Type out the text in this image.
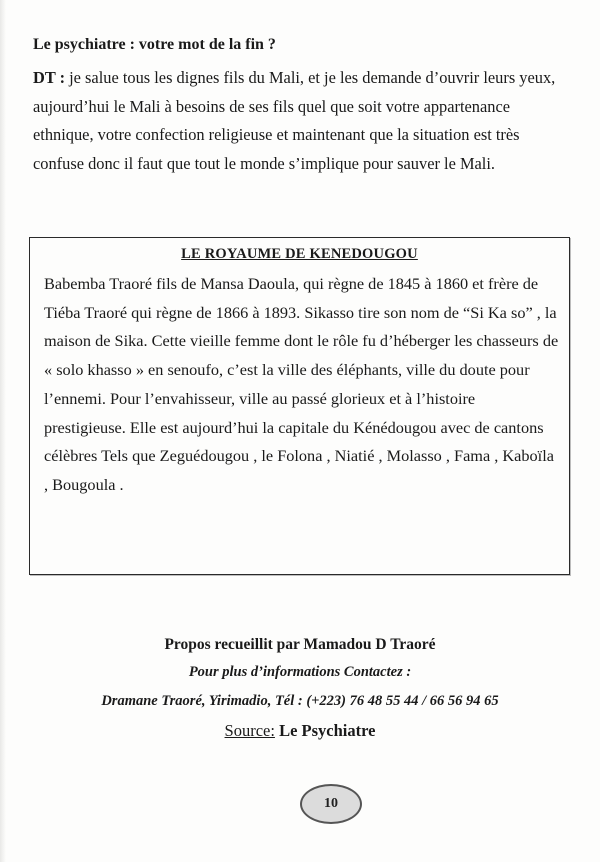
Le psychiatre : votre mot de la fin ?

DT : je salue tous les dignes fils du Mali, et je les demande d’ouvrir leurs yeux, aujourd’hui le Mali à besoins de ses fils quel que soit votre appartenance ethnique, votre confection religieuse et maintenant que la situation est très confuse donc il faut que tout le monde s’implique pour sauver le Mali.

LE ROYAUME DE KENEDOUGOU

Babemba Traoré fils de Mansa Daoula, qui règne de 1845 à 1860 et frère de Tiéba Traoré qui règne de 1866 à 1893. Sikasso tire son nom de “Si Ka so” , la maison de Sika. Cette vieille femme dont le rôle fu d’héberger les chasseurs de « solo khasso » en senoufo, c’est la ville des éléphants, ville du doute pour l’ennemi. Pour l’envahisseur, ville au passé glorieux et à l’histoire prestigieuse. Elle est aujourd’hui la capitale du Kénédougou avec de cantons célèbres Tels que Zeguédougou , le Folona , Niatié , Molasso , Fama , Kaboïla , Bougoula .

Propos recueillit par Mamadou D Traoré

Pour plus d’informations Contactez :

Dramane Traoré, Yirimadio, Tél : (+223) 76 48 55 44 / 66 56 94 65

Source: Le Psychiatre

10
